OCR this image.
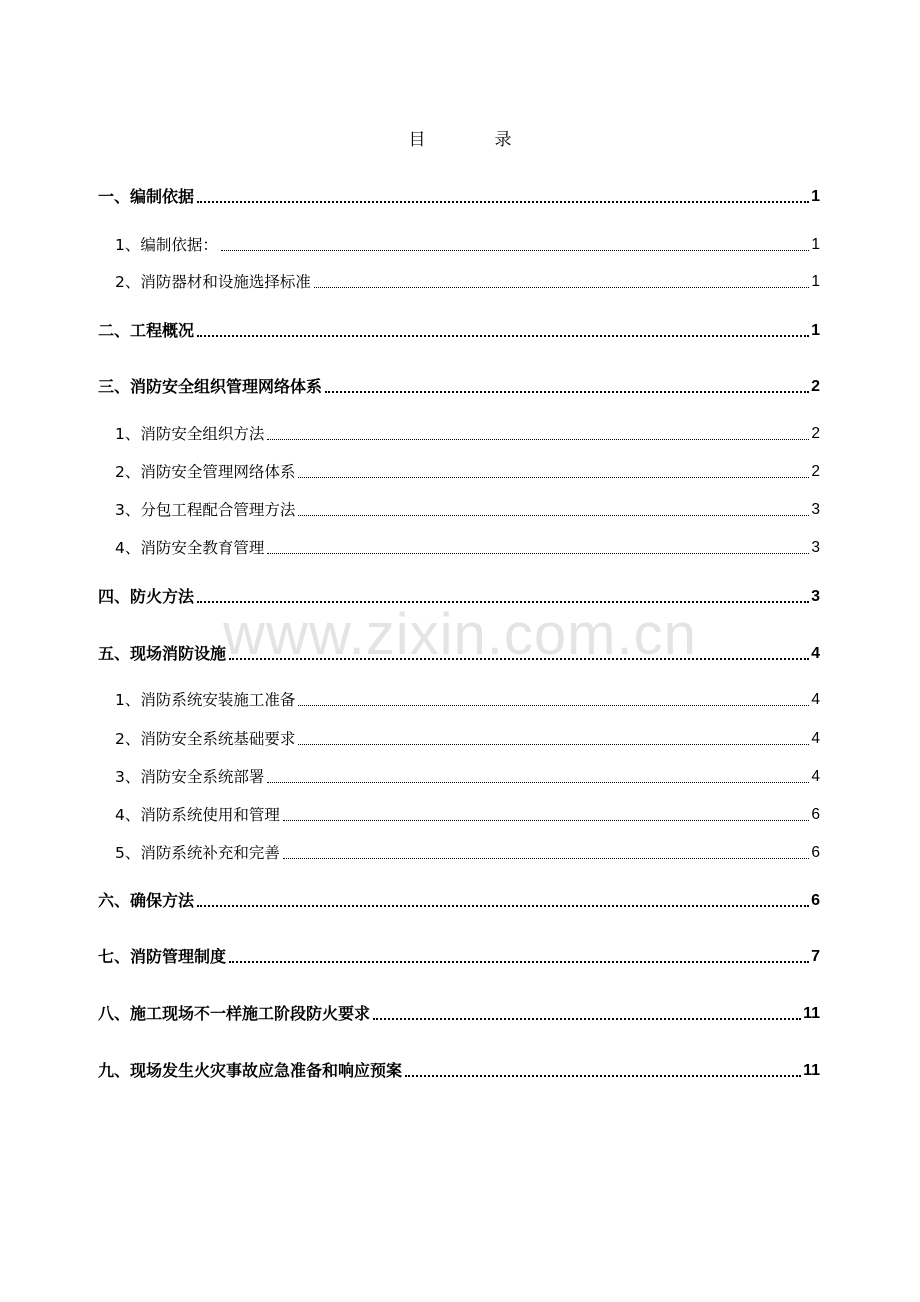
www.zixin.com.cn
目　录
一、编制依据	1
1、编制依据：	1
2、消防器材和设施选择标准	1
二、工程概况	1
三、消防安全组织管理网络体系	2
1、消防安全组织方法	2
2、消防安全管理网络体系	2
3、分包工程配合管理方法	3
4、消防安全教育管理	3
四、防火方法	3
五、现场消防设施	4
1、消防系统安装施工准备	4
2、消防安全系统基础要求	4
3、消防安全系统部署	4
4、消防系统使用和管理	6
5、消防系统补充和完善	6
六、确保方法	6
七、消防管理制度	7
八、施工现场不一样施工阶段防火要求	11
九、现场发生火灾事故应急准备和响应预案	11
